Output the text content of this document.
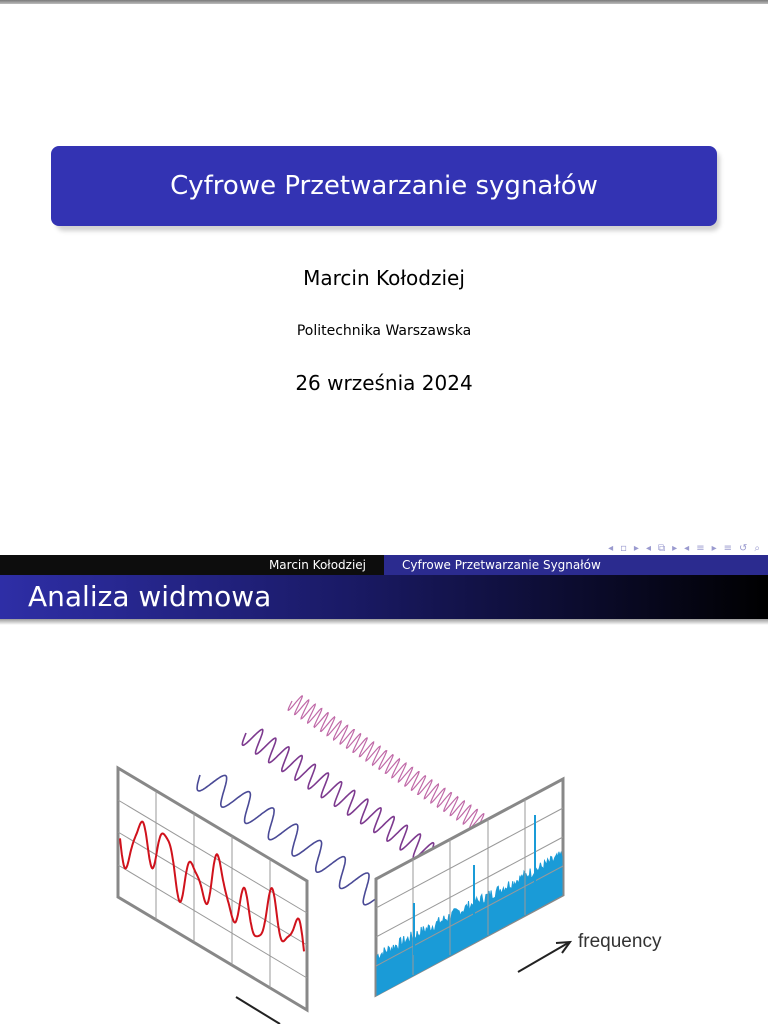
Cyfrowe Przetwarzanie sygnałów
Marcin Kołodziej
Politechnika Warszawska
26 września 2024
◂ ▫ ▸ ◂ ⧉ ▸ ◂ ≡ ▸ ≡ ↺ ⌕
Marcin Kołodziej	Cyfrowe Przetwarzanie Sygnałów
Analiza widmowa
frequency
